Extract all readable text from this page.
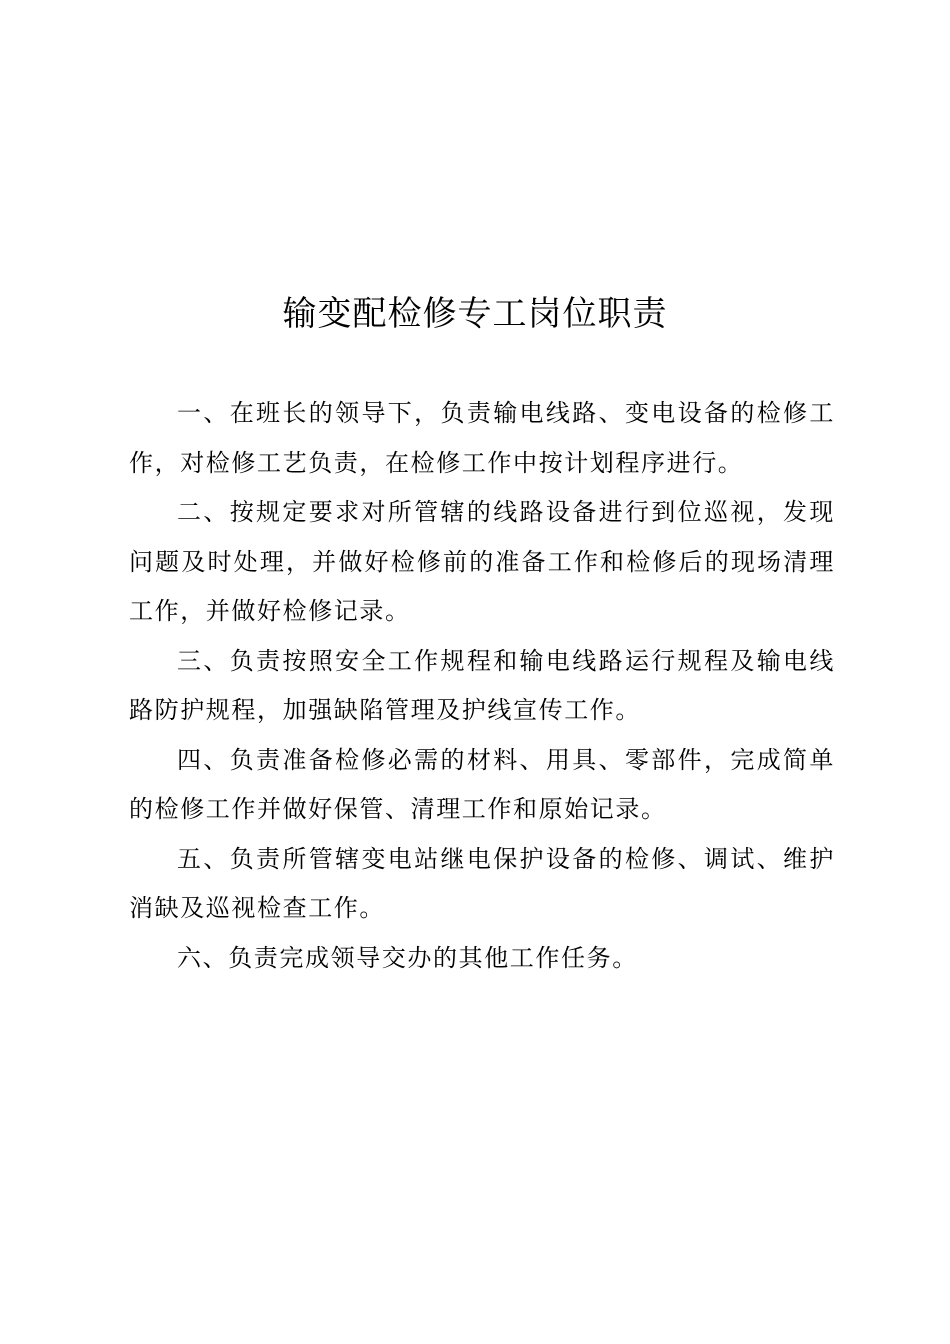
输变配检修专工岗位职责

一、在班长的领导下，负责输电线路、变电设备的检修工作，对检修工艺负责，在检修工作中按计划程序进行。

二、按规定要求对所管辖的线路设备进行到位巡视，发现问题及时处理，并做好检修前的准备工作和检修后的现场清理工作，并做好检修记录。

三、负责按照安全工作规程和输电线路运行规程及输电线路防护规程，加强缺陷管理及护线宣传工作。

四、负责准备检修必需的材料、用具、零部件，完成简单的检修工作并做好保管、清理工作和原始记录。

五、负责所管辖变电站继电保护设备的检修、调试、维护消缺及巡视检查工作。

六、负责完成领导交办的其他工作任务。
